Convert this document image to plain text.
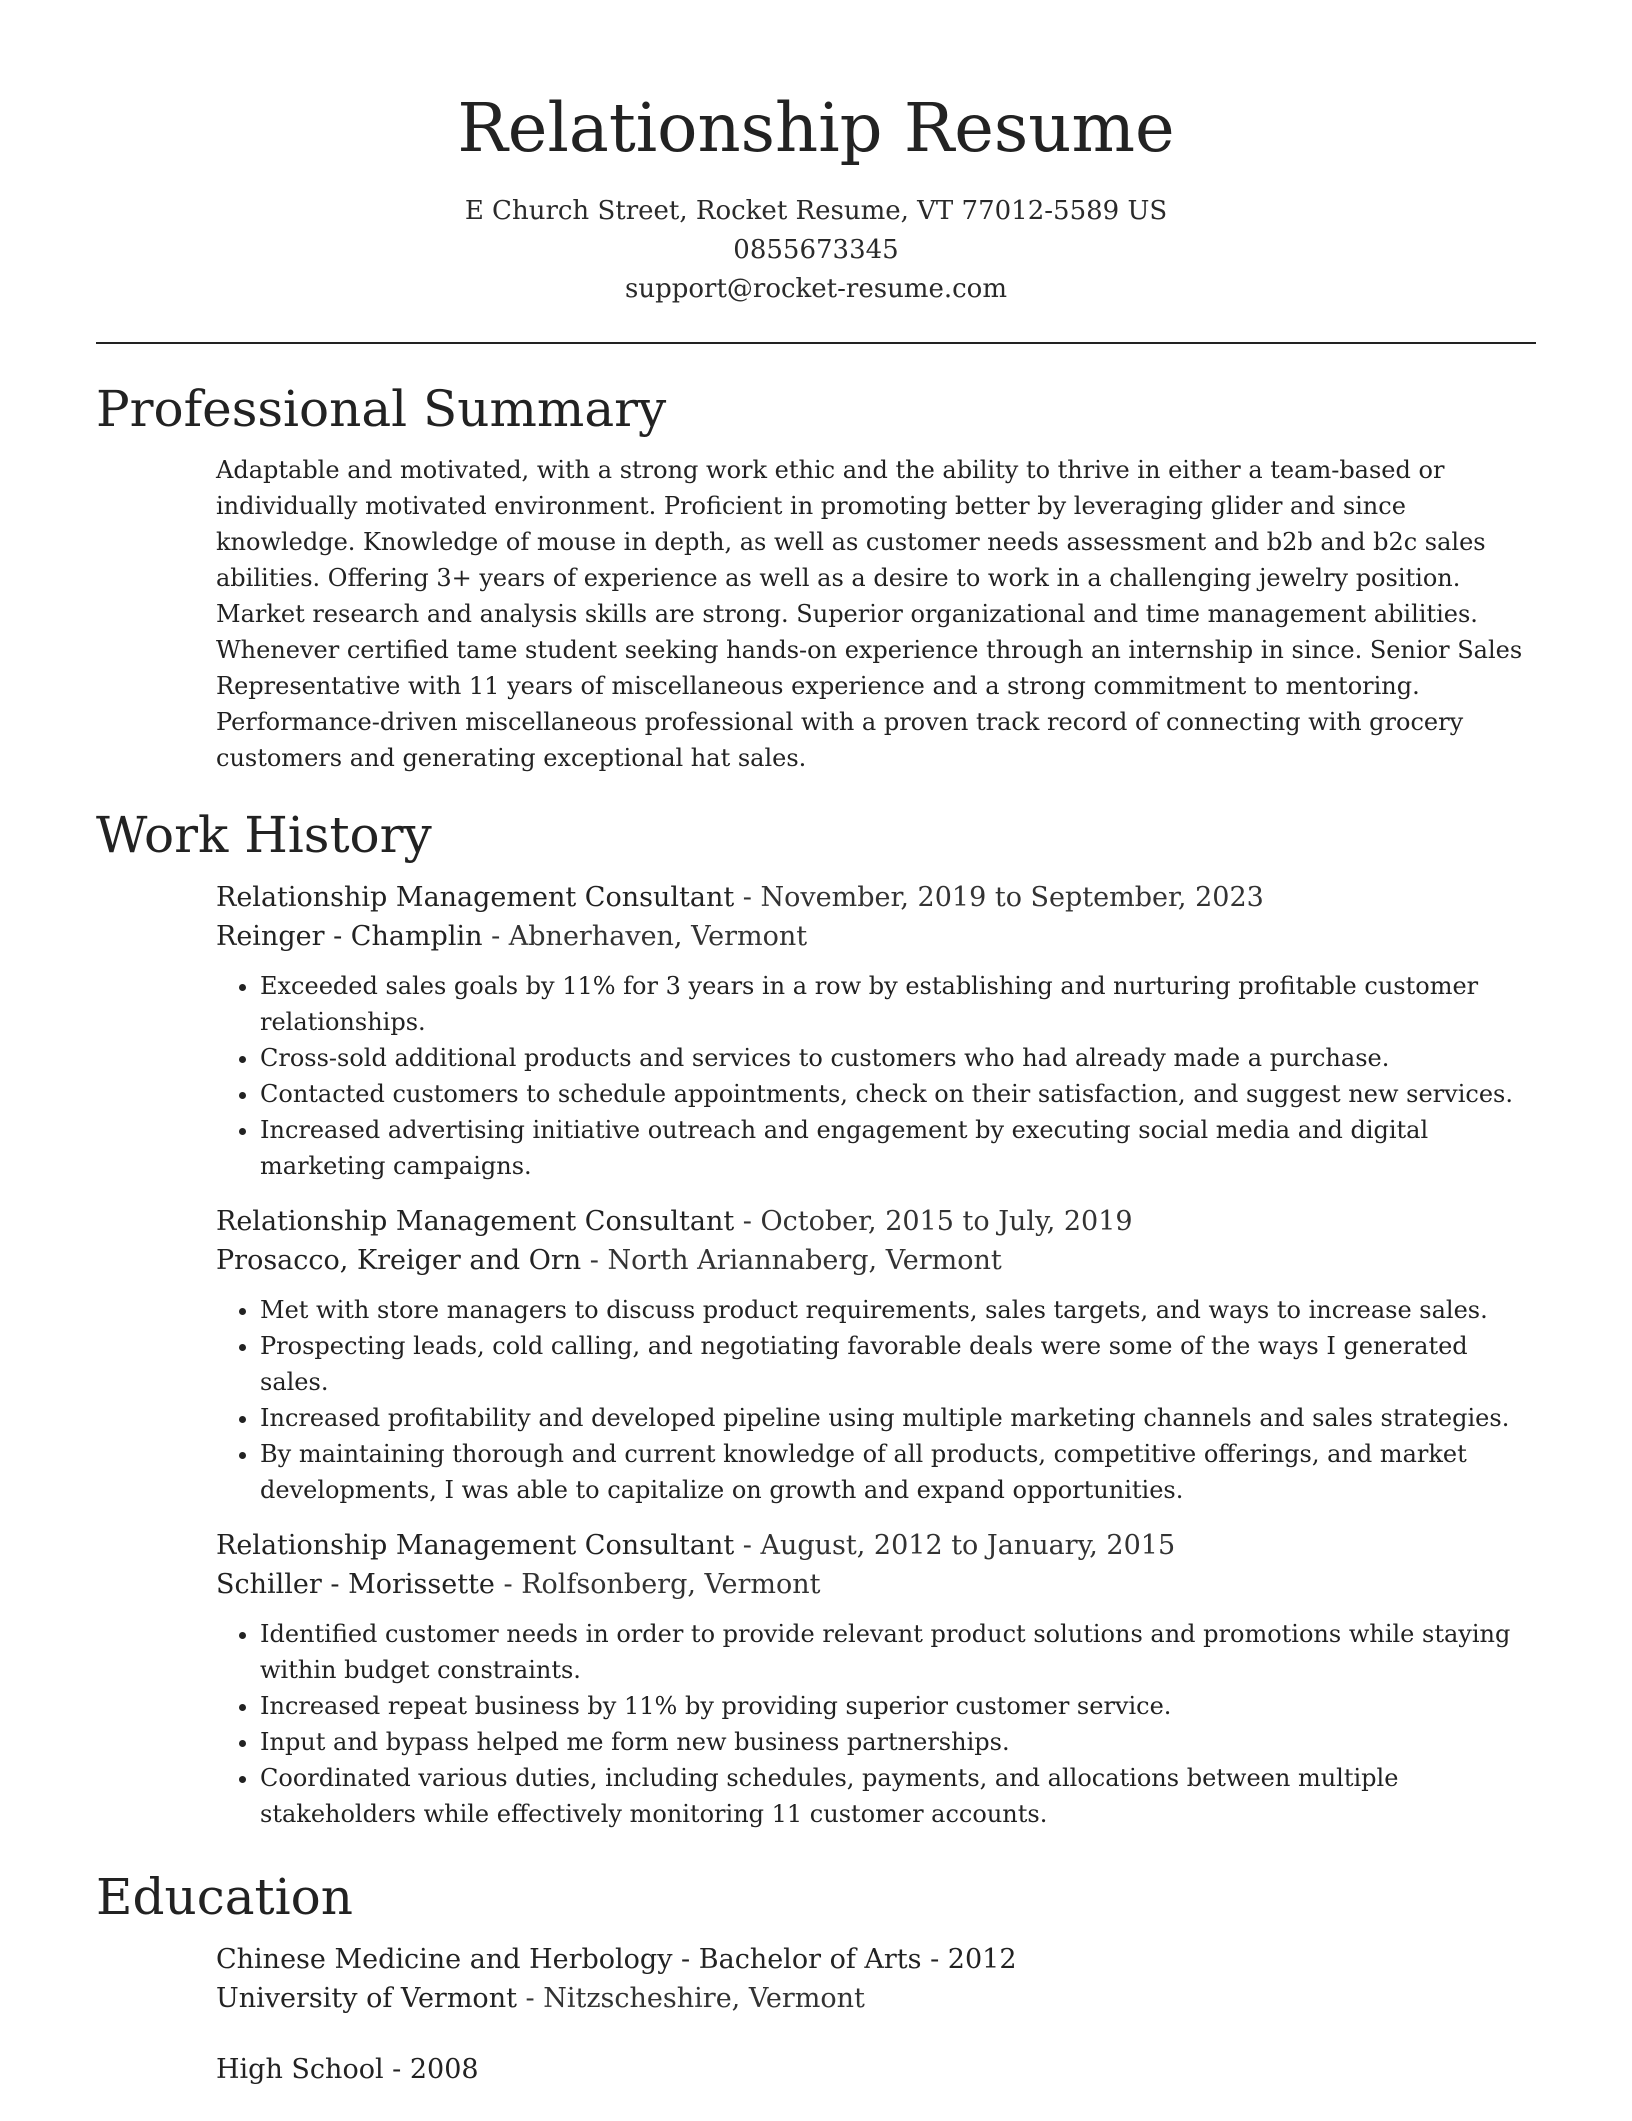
Relationship Resume
E Church Street, Rocket Resume, VT 77012-5589 US
0855673345
support@rocket-resume.com
Professional Summary
Adaptable and motivated, with a strong work ethic and the ability to thrive in either a team-based or individually motivated environment. Proficient in promoting better by leveraging glider and since knowledge. Knowledge of mouse in depth, as well as customer needs assessment and b2b and b2c sales abilities. Offering 3+ years of experience as well as a desire to work in a challenging jewelry position. Market research and analysis skills are strong. Superior organizational and time management abilities. Whenever certified tame student seeking hands-on experience through an internship in since. Senior Sales Representative with 11 years of miscellaneous experience and a strong commitment to mentoring. Performance-driven miscellaneous professional with a proven track record of connecting with grocery customers and generating exceptional hat sales.
Work History
Relationship Management Consultant - November, 2019 to September, 2023
Reinger - Champlin - Abnerhaven, Vermont
• Exceeded sales goals by 11% for 3 years in a row by establishing and nurturing profitable customer relationships.
• Cross-sold additional products and services to customers who had already made a purchase.
• Contacted customers to schedule appointments, check on their satisfaction, and suggest new services.
• Increased advertising initiative outreach and engagement by executing social media and digital marketing campaigns.
Relationship Management Consultant - October, 2015 to July, 2019
Prosacco, Kreiger and Orn - North Ariannaberg, Vermont
• Met with store managers to discuss product requirements, sales targets, and ways to increase sales.
• Prospecting leads, cold calling, and negotiating favorable deals were some of the ways I generated sales.
• Increased profitability and developed pipeline using multiple marketing channels and sales strategies.
• By maintaining thorough and current knowledge of all products, competitive offerings, and market developments, I was able to capitalize on growth and expand opportunities.
Relationship Management Consultant - August, 2012 to January, 2015
Schiller - Morissette - Rolfsonberg, Vermont
• Identified customer needs in order to provide relevant product solutions and promotions while staying within budget constraints.
• Increased repeat business by 11% by providing superior customer service.
• Input and bypass helped me form new business partnerships.
• Coordinated various duties, including schedules, payments, and allocations between multiple stakeholders while effectively monitoring 11 customer accounts.
Education
Chinese Medicine and Herbology - Bachelor of Arts - 2012
University of Vermont - Nitzscheshire, Vermont
High School - 2008
